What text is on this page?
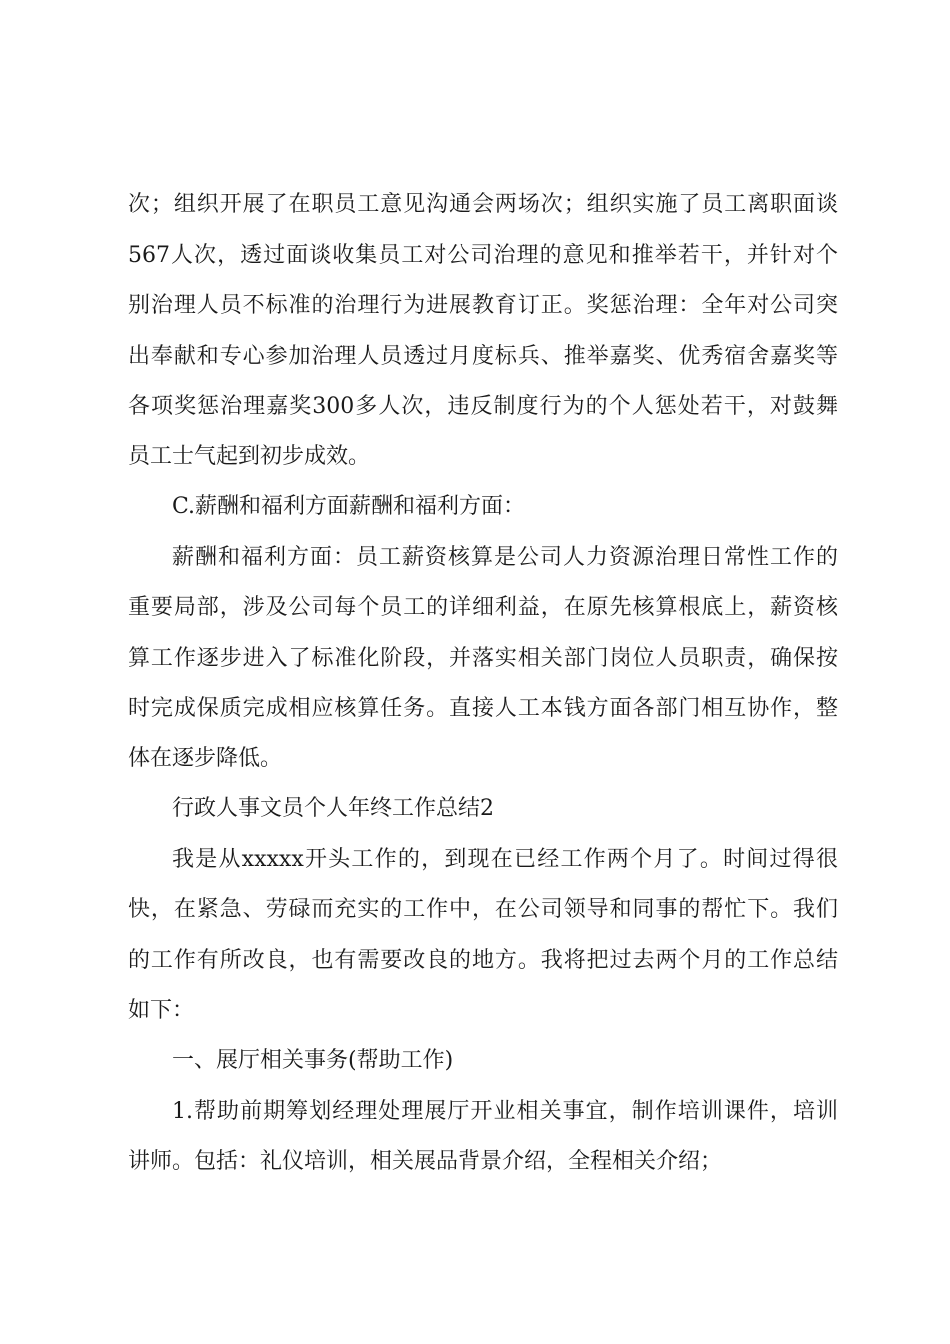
次；组织开展了在职员工意见沟通会两场次；组织实施了员工离职面谈
567人次，透过面谈收集员工对公司治理的意见和推举若干，并针对个
别治理人员不标准的治理行为进展教育订正。奖惩治理：全年对公司突
出奉献和专心参加治理人员透过月度标兵、推举嘉奖、优秀宿舍嘉奖等
各项奖惩治理嘉奖300多人次，违反制度行为的个人惩处若干，对鼓舞
员工士气起到初步成效。
C.薪酬和福利方面薪酬和福利方面：
薪酬和福利方面：员工薪资核算是公司人力资源治理日常性工作的
重要局部，涉及公司每个员工的详细利益，在原先核算根底上，薪资核
算工作逐步进入了标准化阶段，并落实相关部门岗位人员职责，确保按
时完成保质完成相应核算任务。直接人工本钱方面各部门相互协作，整
体在逐步降低。
行政人事文员个人年终工作总结2
我是从xxxxx开头工作的，到现在已经工作两个月了。时间过得很
快，在紧急、劳碌而充实的工作中，在公司领导和同事的帮忙下。我们
的工作有所改良，也有需要改良的地方。我将把过去两个月的工作总结
如下：
一、展厅相关事务(帮助工作)
1.帮助前期筹划经理处理展厅开业相关事宜，制作培训课件，培训
讲师。包括：礼仪培训，相关展品背景介绍，全程相关介绍；
